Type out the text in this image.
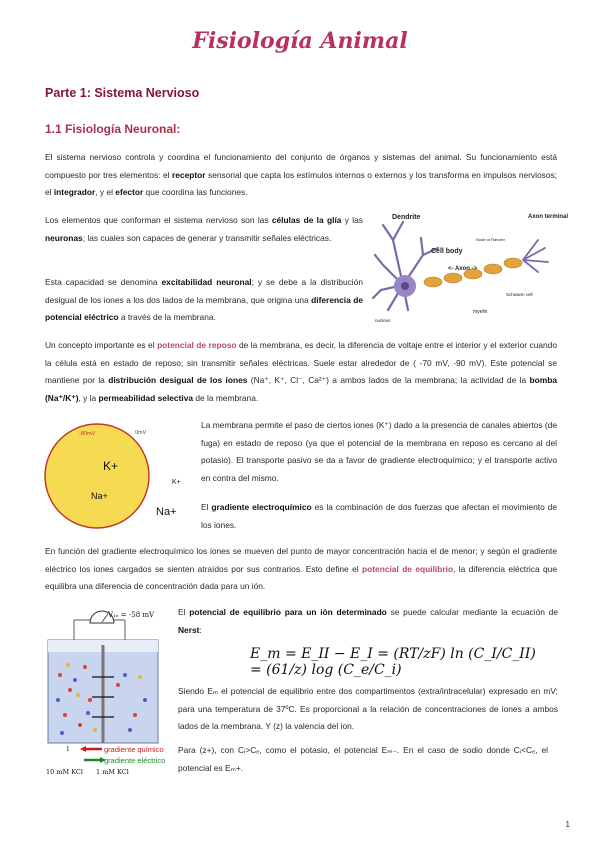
Fisiología Animal
Parte 1: Sistema Nervioso
1.1 Fisiología Neuronal:
El sistema nervioso controla y coordina el funcionamiento del conjunto de órganos y sistemas del animal. Su funcionamiento está compuesto por tres elementos: el receptor sensorial que capta los estímulos internos o externos y los transforma en impulsos nerviosos; el integrador, y el efector que coordina las funciones.
Los elementos que conforman el sistema nervioso son las células de la glía y las neuronas; las cuales son capaces de generar y transmitir señales eléctricas.
Esta capacidad se denomina excitabilidad neuronal; y se debe a la distribución desigual de los iones a los dos lados de la membrana, que origina una diferencia de potencial eléctrico a través de la membrana.
Dendrite	Axon terminal
Cell body
Node of Ranvier
<- Axon ->
Schwann cell
myelin
nucleus
Un concepto importante es el potencial de reposo de la membrana, es decir, la diferencia de voltaje entre el interior y el exterior cuando la célula está en estado de reposo; sin transmitir señales eléctricas. Suele estar alrededor de ( -70 mV, -90 mV). Este potencial se mantiene por la distribución desigual de los iones (Na⁺, K⁺, Cl⁻, Ca²⁺) a ambos lados de la membrana; la actividad de la bomba (Na⁺/K⁺), y la permeabilidad selectiva de la membrana.
-80mV	0mV
K+
Na+
K+
Na+
La membrana permite el paso de ciertos iones (K⁺) dado a la presencia de canales abiertos (de fuga) en estado de reposo (ya que el potencial de la membrana en reposo es cercano al del potasio). El transporte pasivo se da a favor de gradiente electroquímico; y el transporte activo en contra del mismo.
El gradiente electroquímico es la combinación de dos fuerzas que afectan el movimiento de los iones.
En función del gradiente electroquímico los iones se mueven del punto de mayor concentración hacia el de menor; y según el gradiente eléctrico los iones cargados se sienten atraídos por sus contrarios. Esto define el potencial de equilibrio, la diferencia eléctrica que equilibra una diferencia de concentración dada para un ión.
V₁ₑ = -58 mV
1	gradiente químico
gradiente eléctrico
10 mM KCl 1 mM KCl
El potencial de equilibrio para un ión determinado se puede calcular mediante la ecuación de Nerst:
E_m = E_II − E_I = (RT/zF) ln (C_I/C_II) = (61/z) log (C_e/C_i)
Siendo Eₘ el potencial de equilibrio entre dos compartimentos (extra/intracelular) expresado en mV; para una temperatura de 37ºC. Es proporcional a la relación de concentraciones de iones a ambos lados de la membrana. Y (z) la valencia del ion.
Para (z+), con Cᵢ>Cₑ, como el potasio, el potencial Eₘ₋. En el caso de sodio donde Cᵢ<Cₑ, el potencial es Eₘ+.
1
